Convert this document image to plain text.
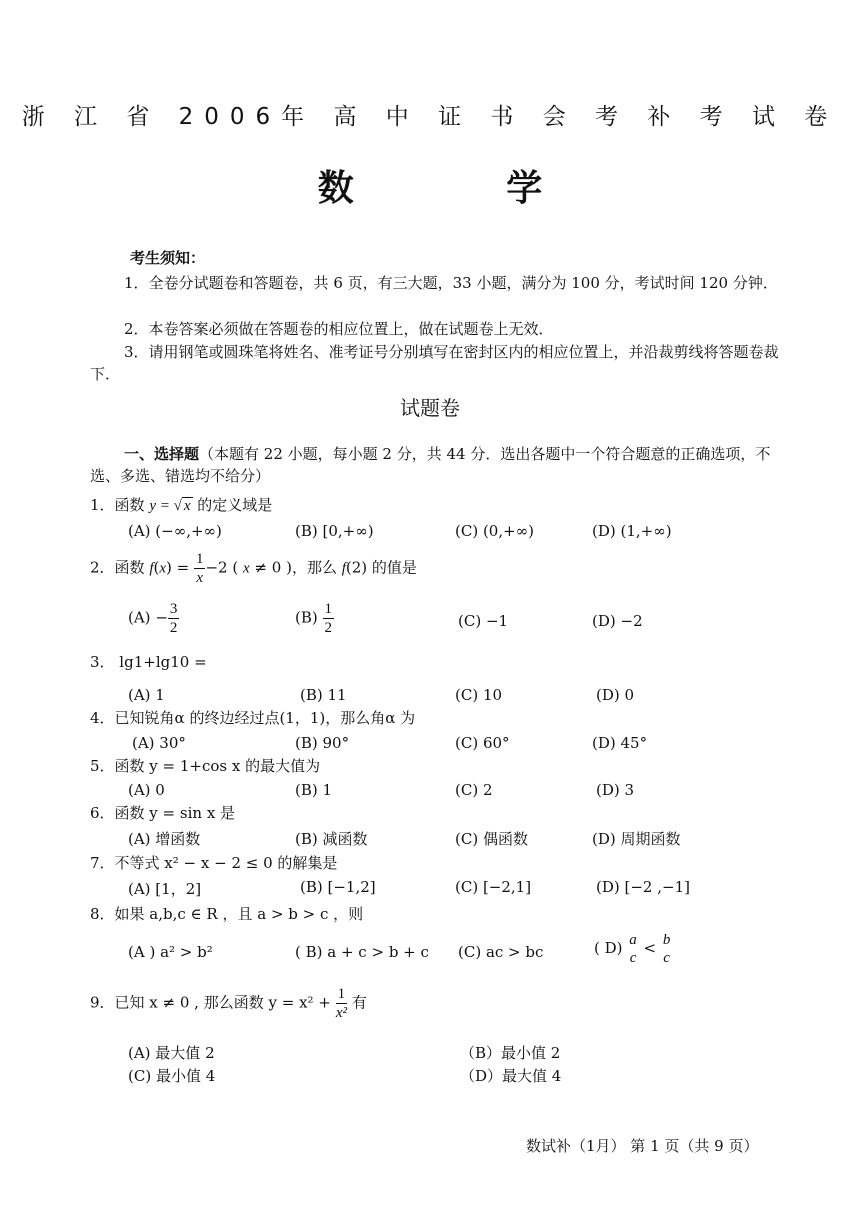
浙 江 省 2006年 高 中 证 书 会 考 补 考 试 卷
数 学
考生须知：
1．全卷分试题卷和答题卷，共 6 页，有三大题，33 小题，满分为 100 分，考试时间 120 分钟．
2．本卷答案必须做在答题卷的相应位置上，做在试题卷上无效．
3．请用钢笔或圆珠笔将姓名、准考证号分别填写在密封区内的相应位置上，并沿裁剪线将答题卷裁下．
试题卷
一、选择题（本题有 22 小题，每小题 2 分，共 44 分．选出各题中一个符合题意的正确选项，不选、多选、错选均不给分）
1．函数 y = √ x 的定义域是
(A) (−∞,+∞)	(B) [0,+∞)	(C) (0,+∞)	(D) (1,+∞)
2．函数 $f(x) = \frac{1}{x} -2$ ( x ≠ 0 )，那么 f(2) 的值是
$(A) - \frac{3}{2}$	$(B) \frac{1}{2}$	(C) −1	(D) −2
3． lg1+lg10 =
(A) 1	(B) 11	(C) 10	(D) 0
4．已知锐角α 的终边经过点(1，1)，那么角α 为
(A) 30°	(B) 90°	(C) 60°	(D) 45°
5．函数 y = 1+cos x 的最大值为
(A) 0	(B) 1	(C) 2	(D) 3
6．函数 y = sin x 是
(A) 增函数	(B) 减函数	(C) 偶函数	(D) 周期函数
7．不等式 x² − x − 2 ≤ 0 的解集是
(A) [1，2]	(B) [−1,2]	(C) [−2,1]	(D) [−2 ,−1]
8．如果 a,b,c ∈ R ，且 a > b > c ，则
(A ) a² > b²	( B) a + c > b + c (C) ac > bc	( D) a
c
< b
c
9．已知 x ≠ 0 , 那么函数 $y = x^2 + \frac{1}{\text{x²}}$ 有
(A) 最大值 2	（B）最小值 2
(C) 最小值 4	（D）最大值 4
数试补（1月） 第 1 页（共 9 页）
